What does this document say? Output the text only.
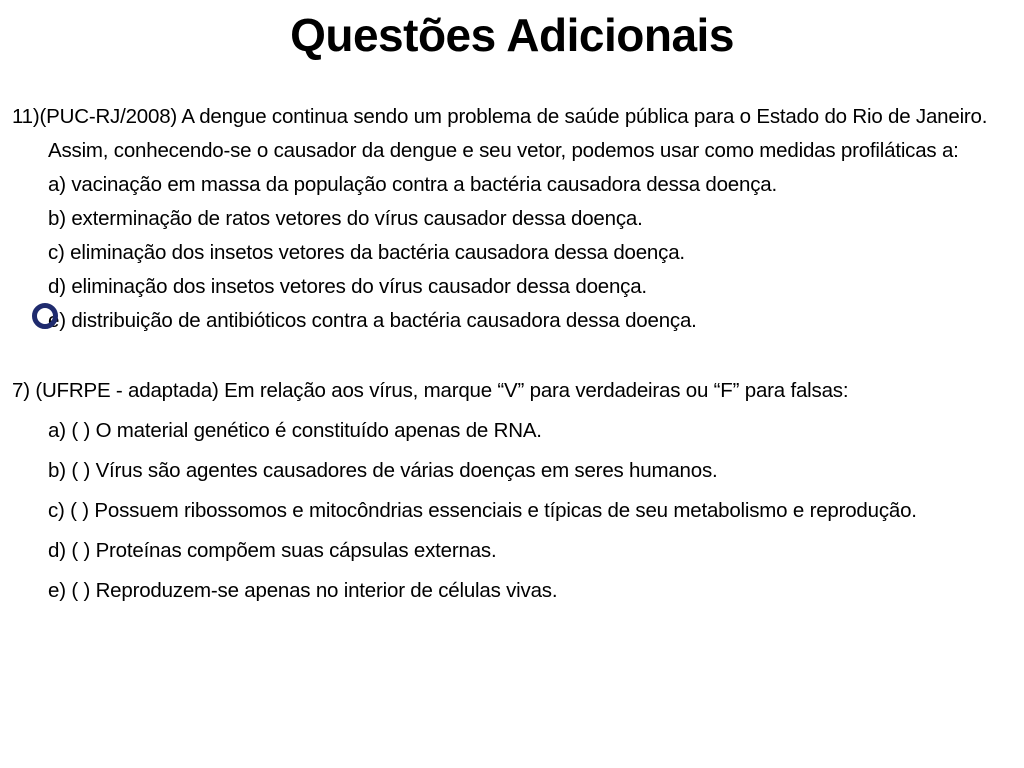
Questões Adicionais

11)(PUC-RJ/2008) A dengue continua sendo um problema de saúde pública para o Estado do Rio de Janeiro. Assim, conhecendo-se o causador da dengue e seu vetor, podemos usar como medidas profiláticas a:

a) vacinação em massa da população contra a bactéria causadora dessa doença.

b) exterminação de ratos vetores do vírus causador dessa doença.

c) eliminação dos insetos vetores da bactéria causadora dessa doença.

d) eliminação dos insetos vetores do vírus causador dessa doença.

e) distribuição de antibióticos contra a bactéria causadora dessa doença.

7) (UFRPE - adaptada) Em relação aos vírus, marque “V” para verdadeiras ou “F” para falsas:

a) ( ) O material genético é constituído apenas de RNA.

b) ( ) Vírus são agentes causadores de várias doenças em seres humanos.

c) ( ) Possuem ribossomos e mitocôndrias essenciais e típicas de seu metabolismo e reprodução.

d) ( ) Proteínas compõem suas cápsulas externas.

e) ( ) Reproduzem-se apenas no interior de células vivas.
